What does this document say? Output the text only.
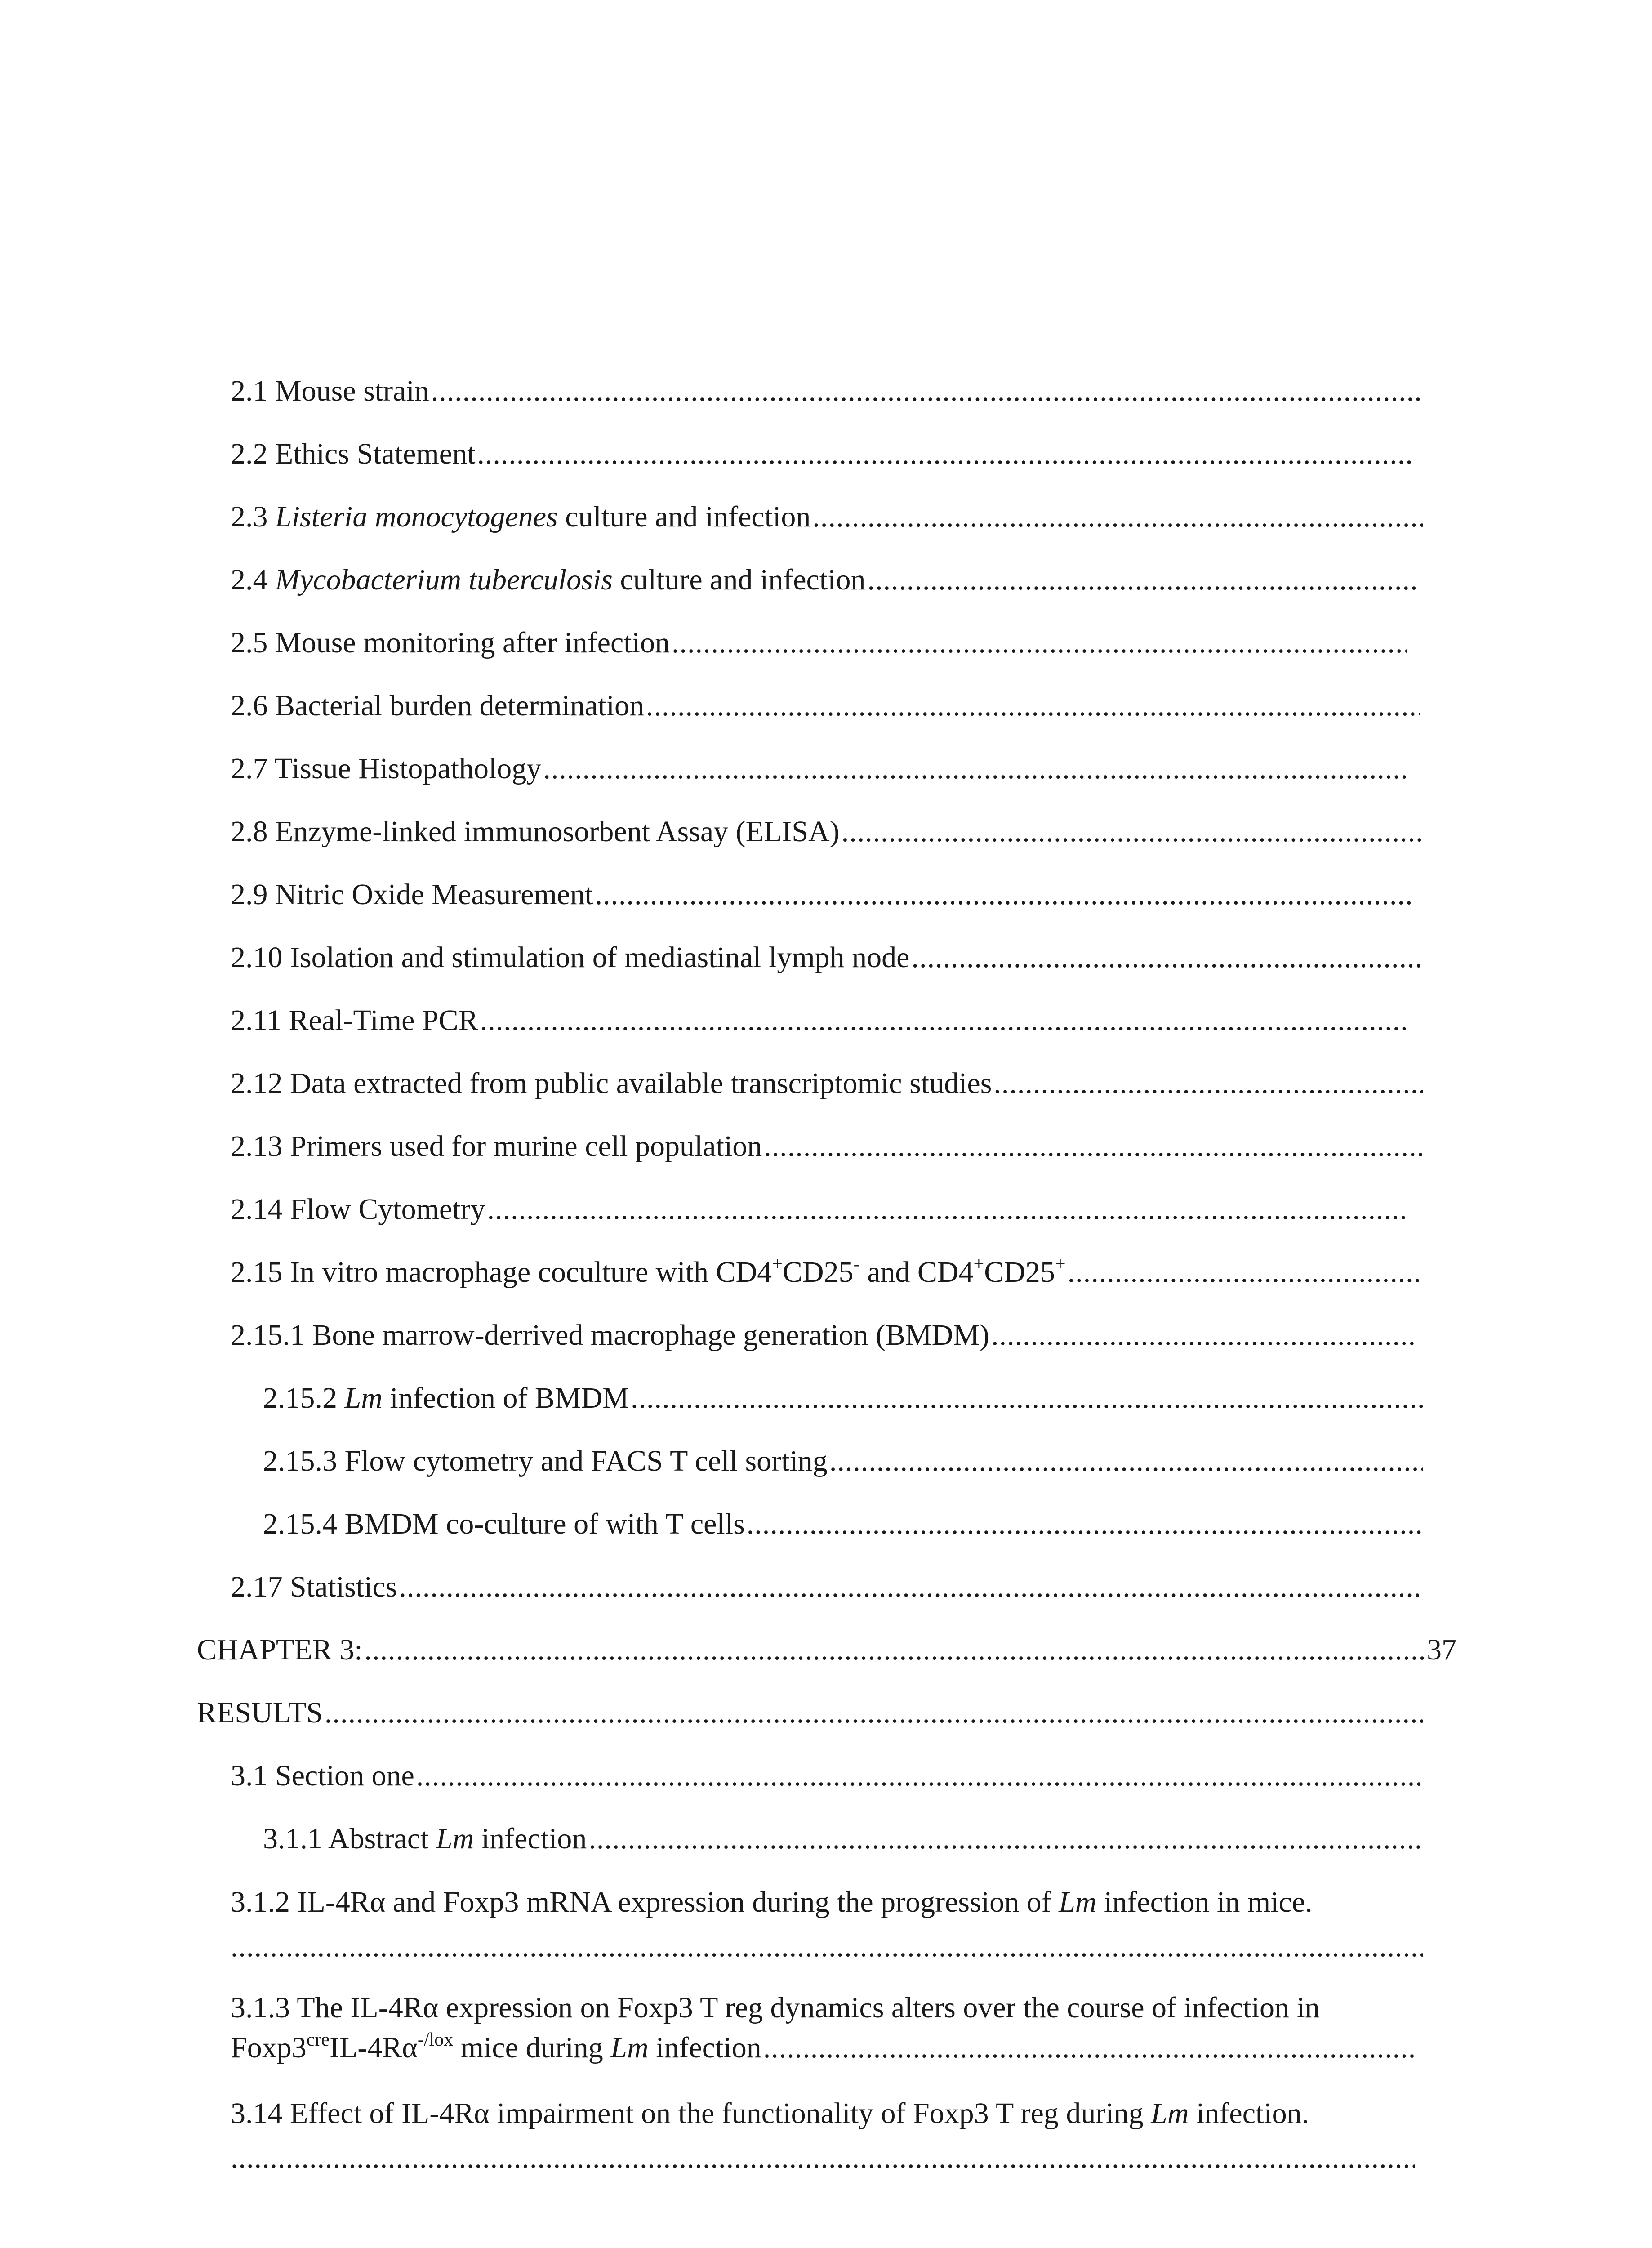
2.1 Mouse strain
.....
2.2 Ethics Statement
.....
2.3 Listeria monocytogenes culture and infection
.....
2.4 Mycobacterium tuberculosis culture and infection
.....
2.5 Mouse monitoring after infection
.....
2.6 Bacterial burden determination
.....
2.7 Tissue Histopathology
.....
2.8 Enzyme-linked immunosorbent Assay (ELISA)
.....
2.9 Nitric Oxide Measurement
.....
2.10 Isolation and stimulation of mediastinal lymph node
.....
2.11 Real-Time PCR
.....
2.12 Data extracted from public available transcriptomic studies
.....
2.13 Primers used for murine cell population
.....
2.14 Flow Cytometry
.....
2.15 In vitro macrophage coculture with CD4+CD25- and CD4+CD25+
.....
2.15.1 Bone marrow-derrived macrophage generation (BMDM)
.....
2.15.2 Lm infection of BMDM
.....
2.15.3 Flow cytometry and FACS T cell sorting
.....
2.15.4 BMDM co-culture of with T cells
.....
2.17 Statistics
.....
CHAPTER 3:
.....	37
RESULTS
.....
3.1 Section one
.....
3.1.1 Abstract Lm infection
.....

3.1.2 IL-4Rα and Foxp3 mRNA expression during the progression of Lm infection in mice.

.....

3.1.3 The IL-4Rα expression on Foxp3 T reg dynamics alters over the course of infection in

$Foxp3^{cre}IL-4R\alpha^{-/lox}$ mice during Lm infection
.....

3.14 Effect of IL-4Rα impairment on the functionality of Foxp3 T reg during Lm infection.

.....
